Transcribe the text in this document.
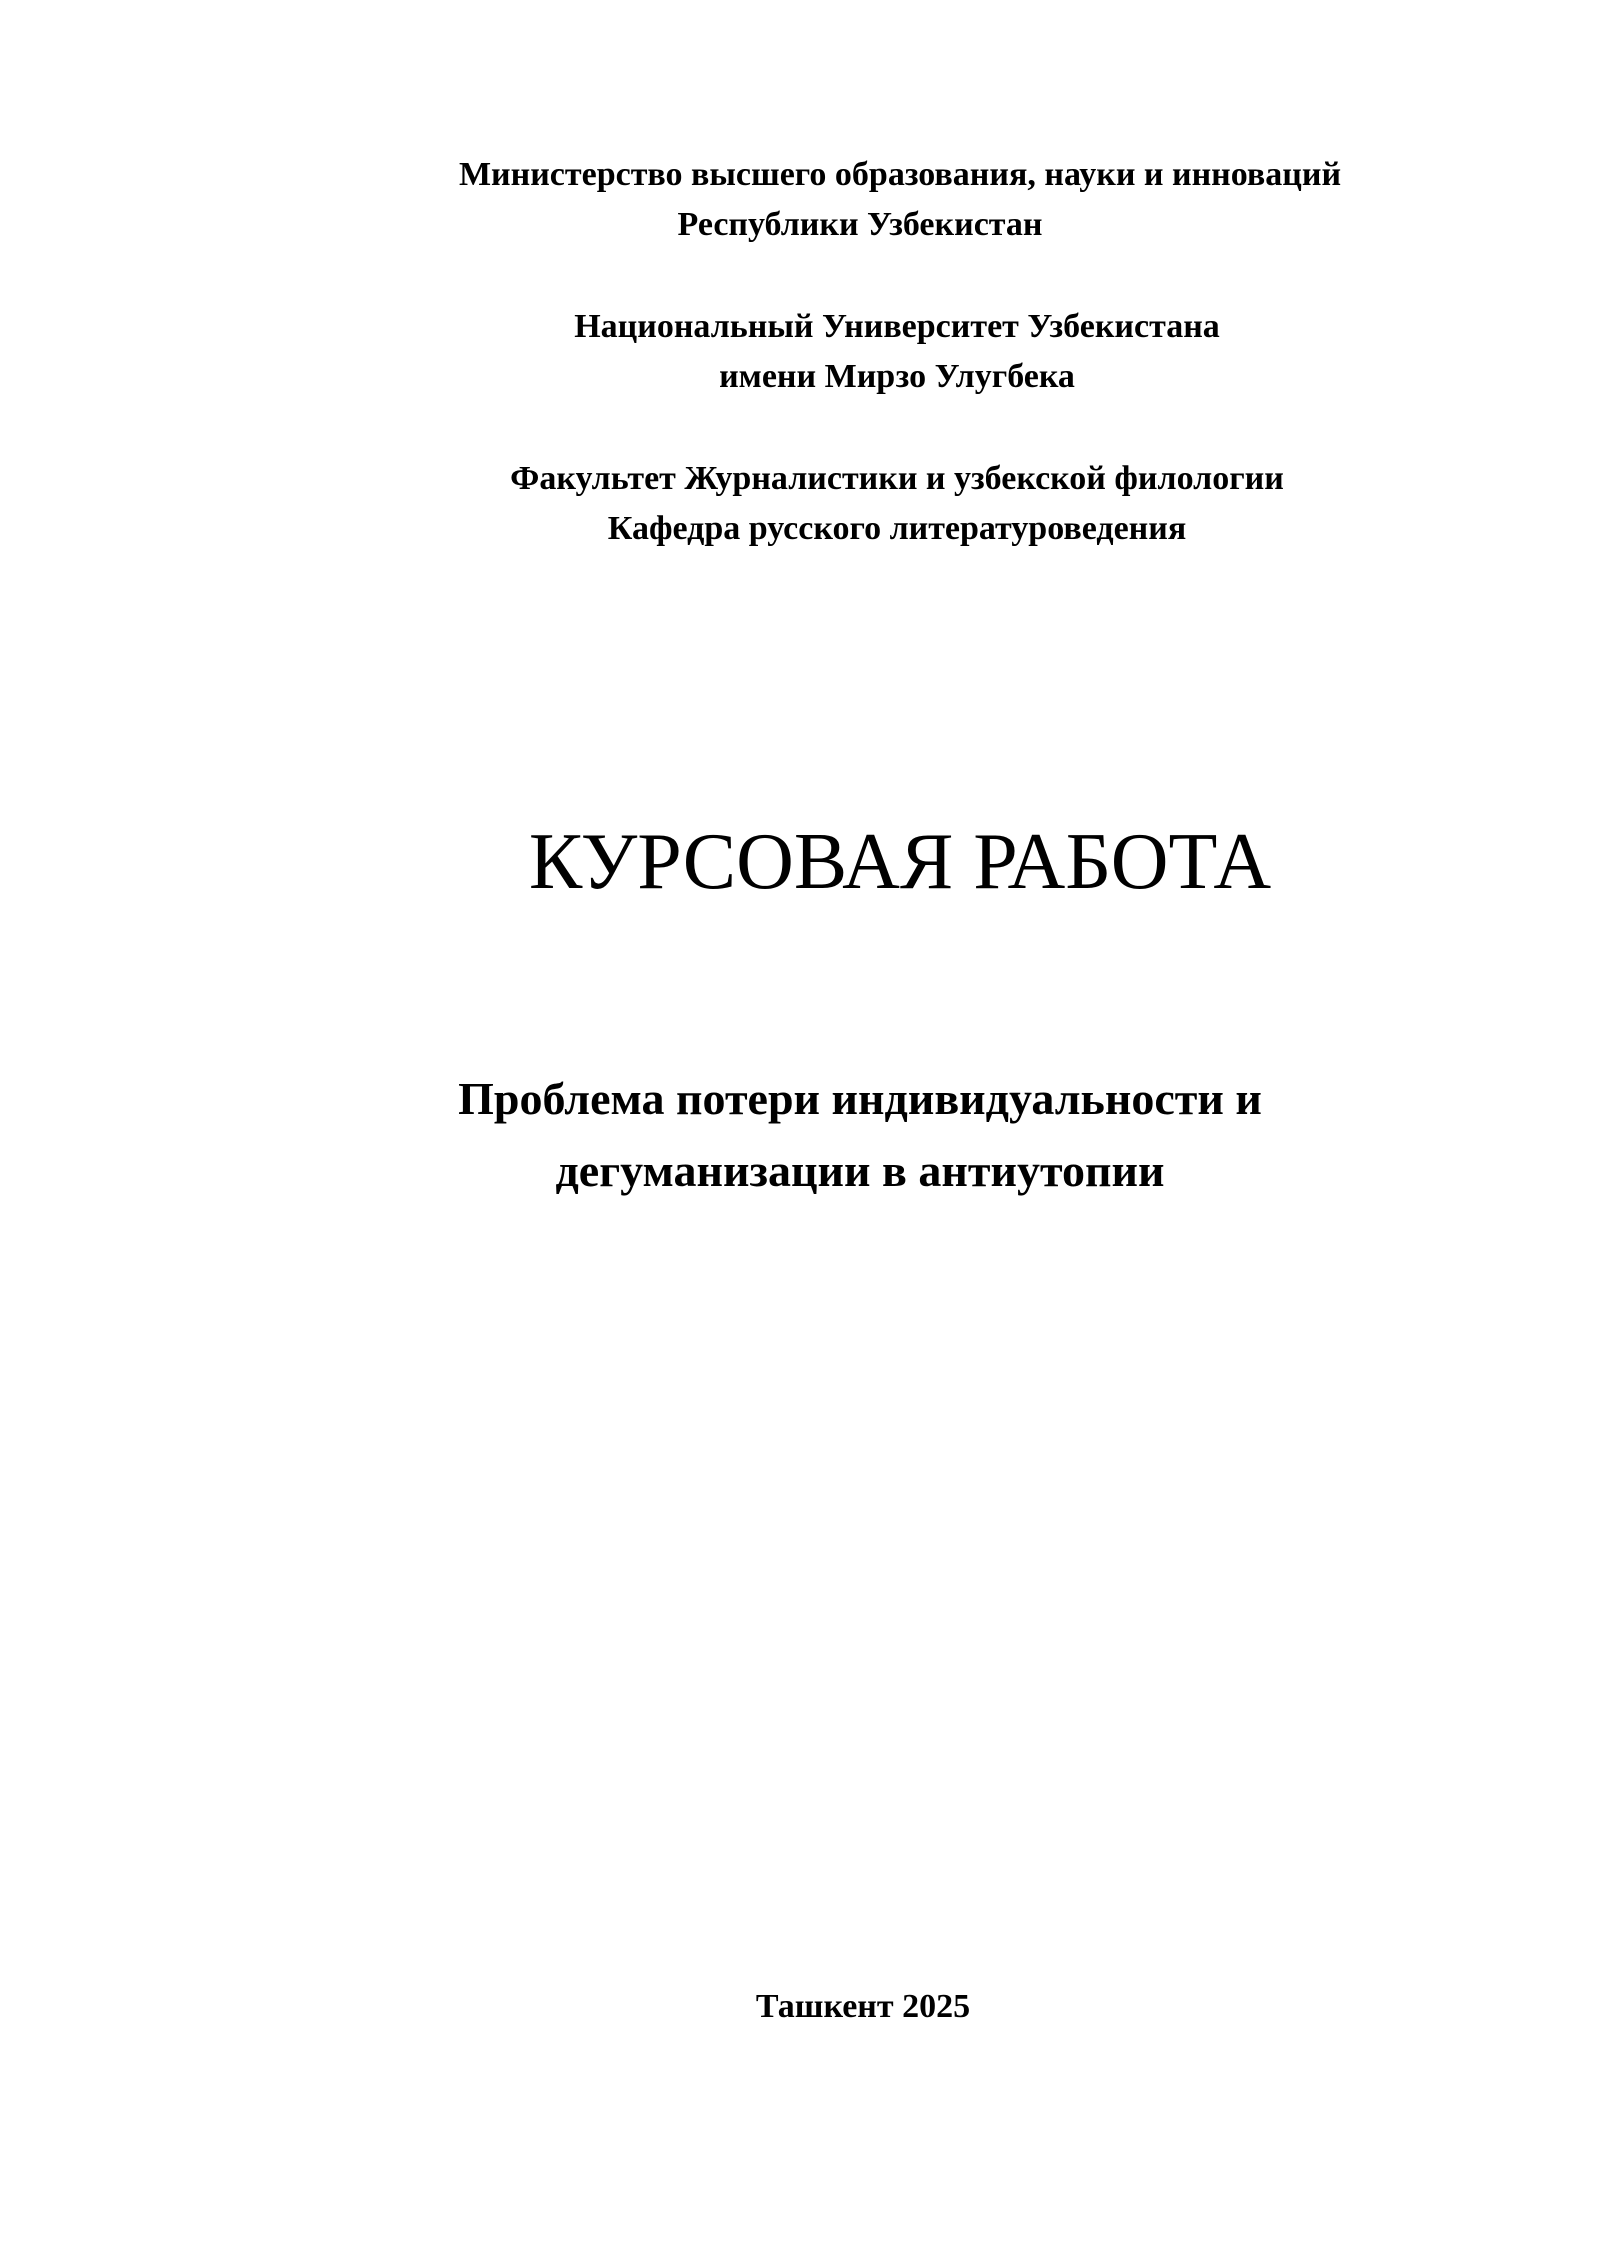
Министерство высшего образования, науки и инноваций
Республики Узбекистан
Национальный Университет Узбекистана
имени Мирзо Улугбека
Факультет Журналистики и узбекской филологии
Кафедра русского литературоведения
КУРСОВАЯ РАБОТА
Проблема потери индивидуальности и
дегуманизации в антиутопии
Ташкент 2025
